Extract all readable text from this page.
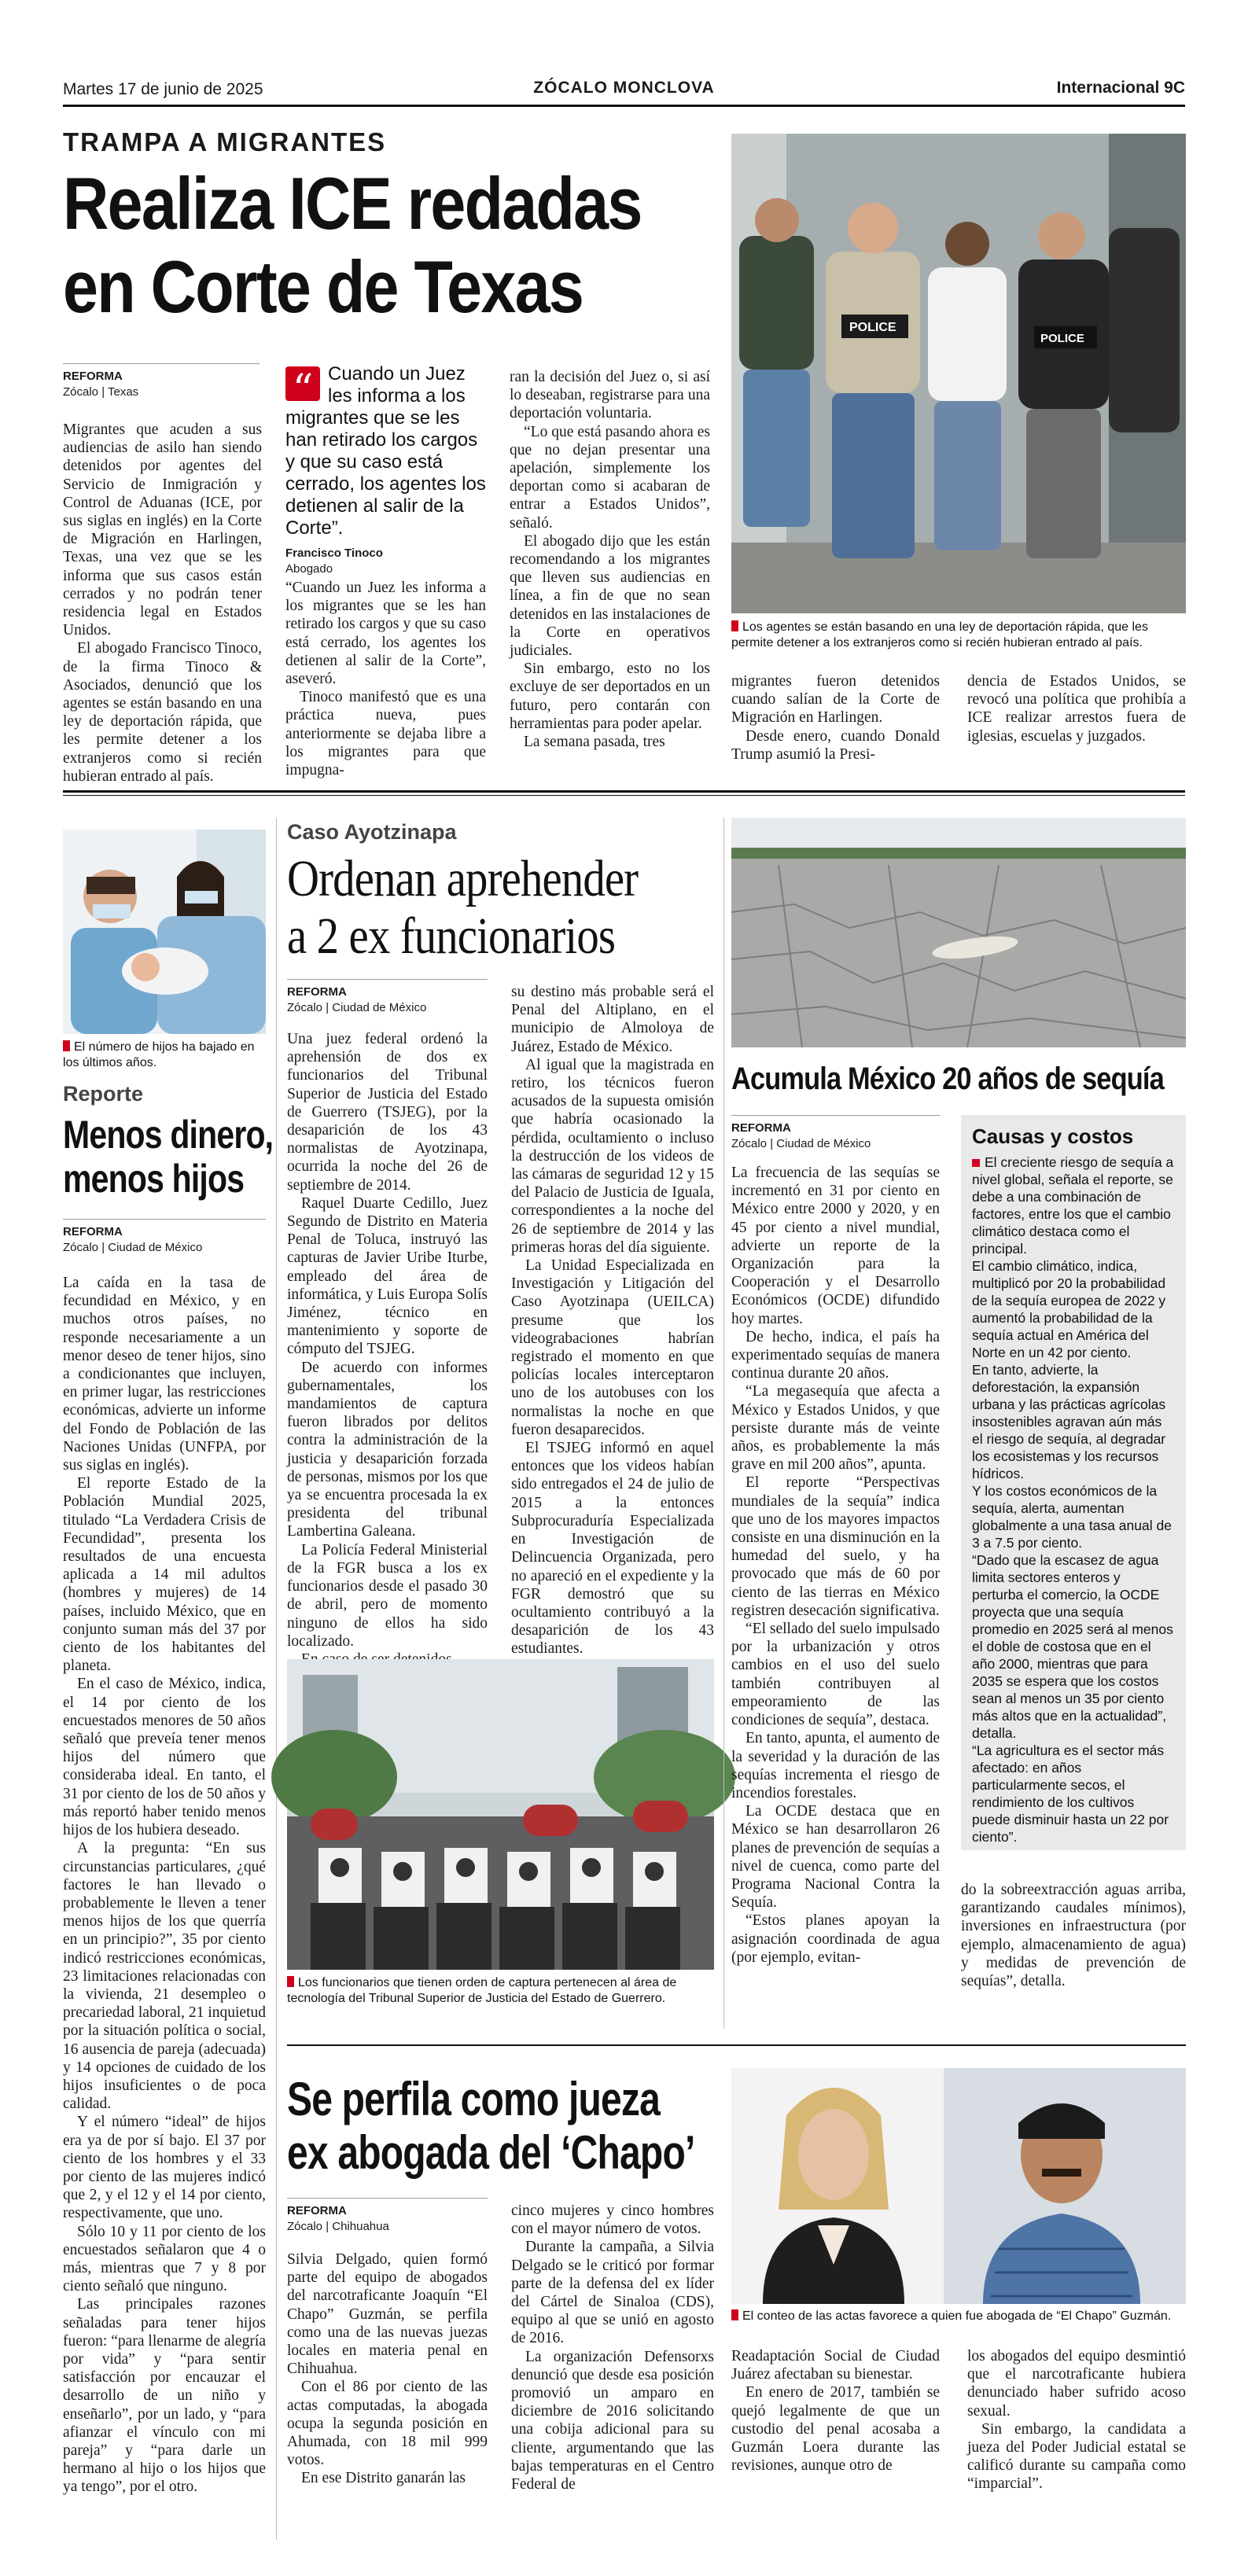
Martes 17 de junio de 2025	ZÓCALO MONCLOVA	Internacional 9C
TRAMPA A MIGRANTES
Realiza ICE redadas
en Corte de Texas
REFORMA
Zócalo | Texas

Migrantes que acuden a sus audiencias de asilo han siendo detenidos por agentes del Servicio de Inmigración y Control de Aduanas (ICE, por sus siglas en inglés) en la Corte de Migración en Harlingen, Texas, una vez que se les informa que sus casos están cerrados y no podrán tener residencia legal en Estados Unidos.

El abogado Francisco Tinoco, de la firma Tinoco & Asociados, denunció que los agentes se están basando en una ley de deportación rápida, que les permite detener a los extranjeros como si recién hubieran entrado al país.

“ Cuando un Juez les informa a los migrantes que se les han retirado los cargos y que su caso está cerrado, los agentes los detienen al salir de la Corte”.
Francisco Tinoco
Abogado

“Cuando un Juez les informa a los migrantes que se les han retirado los cargos y que su caso está cerrado, los agentes los detienen al salir de la Corte”, aseveró.

Tinoco manifestó que es una práctica nueva, pues anteriormente se dejaba libre a los migrantes para que impugna-

ran la decisión del Juez o, si así lo deseaban, registrarse para una deportación voluntaria.

“Lo que está pasando ahora es que no dejan presentar una apelación, simplemente los deportan como si acabaran de entrar a Estados Unidos”, señaló.

El abogado dijo que les están recomendando a los migrantes que lleven sus audiencias en línea, a fin de que no sean detenidos en las instalaciones de la Corte en operativos judiciales.

Sin embargo, esto no los excluye de ser deportados en un futuro, pero contarán con herramientas para poder apelar.

La semana pasada, tres

POLICE
POLICE
Los agentes se están basando en una ley de deportación rápida, que les permite detener a los extranjeros como si recién hubieran entrado al país.

migrantes fueron detenidos cuando salían de la Corte de Migración en Harlingen.

Desde enero, cuando Donald Trump asumió la Presi-

dencia de Estados Unidos, se revocó una política que prohibía a ICE realizar arrestos fuera de iglesias, escuelas y juzgados.

El número de hijos ha bajado en los últimos años.
Reporte
Menos dinero,
menos hijos
REFORMA
Zócalo | Ciudad de México

La caída en la tasa de fecundidad en México, y en muchos otros países, no responde necesariamente a un menor deseo de tener hijos, sino a condicionantes que incluyen, en primer lugar, las restricciones económicas, advierte un informe del Fondo de Población de las Naciones Unidas (UNFPA, por sus siglas en inglés).

El reporte Estado de la Población Mundial 2025, titulado “La Verdadera Crisis de Fecundidad”, presenta los resultados de una encuesta aplicada a 14 mil adultos (hombres y mujeres) de 14 países, incluido México, que en conjunto suman más del 37 por ciento de los habitantes del planeta.

En el caso de México, indica, el 14 por ciento de los encuestados menores de 50 años señaló que preveía tener menos hijos del número que consideraba ideal. En tanto, el 31 por ciento de los de 50 años y más reportó haber tenido menos hijos de los hubiera deseado.

A la pregunta: “En sus circunstancias particulares, ¿qué factores le han llevado o probablemente le lleven a tener menos hijos de los que querría en un principio?”, 35 por ciento indicó restricciones económicas, 23 limitaciones relacionadas con la vivienda, 21 desempleo o precariedad laboral, 21 inquietud por la situación política o social, 16 ausencia de pareja (adecuada) y 14 opciones de cuidado de los hijos insuficientes o de poca calidad.

Y el número “ideal” de hijos era ya de por sí bajo. El 37 por ciento de los hombres y el 33 por ciento de las mujeres indicó que 2, y el 12 y el 14 por ciento, respectivamente, que uno.

Sólo 10 y 11 por ciento de los encuestados señalaron que 4 o más, mientras que 7 y 8 por ciento señaló que ninguno.

Las principales razones señaladas para tener hijos fueron: “para llenarme de alegría por vida” y “para sentir satisfacción por encauzar el desarrollo de un niño y enseñarlo”, por un lado, y “para afianzar el vínculo con mi pareja” y “para darle un hermano al hijo o los hijos que ya tengo”, por el otro.

Caso Ayotzinapa
Ordenan aprehender
a 2 ex funcionarios
REFORMA
Zócalo | Ciudad de México

Una juez federal ordenó la aprehensión de dos ex funcionarios del Tribunal Superior de Justicia del Estado de Guerrero (TSJEG), por la desaparición de los 43 normalistas de Ayotzinapa, ocurrida la noche del 26 de septiembre de 2014.

Raquel Duarte Cedillo, Juez Segundo de Distrito en Materia Penal de Toluca, instruyó las capturas de Javier Uribe Iturbe, empleado del área de informática, y Luis Europa Solís Jiménez, técnico en mantenimiento y soporte de cómputo del TSJEG.

De acuerdo con informes gubernamentales, los mandamientos de captura fueron librados por delitos contra la administración de la justicia y desaparición forzada de personas, mismos por los que ya se encuentra procesada la ex presidenta del tribunal Lambertina Galeana.

La Policía Federal Ministerial de la FGR busca a los ex funcionarios desde el pasado 30 de abril, pero de momento ninguno de ellos ha sido localizado.

su destino más probable será el Penal del Altiplano, en el municipio de Almoloya de Juárez, Estado de México.

Al igual que la magistrada en retiro, los técnicos fueron acusados de la supuesta omisión que habría ocasionado la pérdida, ocultamiento o incluso la destrucción de los videos de las cámaras de seguridad 12 y 15 del Palacio de Justicia de Iguala, correspondientes a la noche del 26 de septiembre de 2014 y las primeras horas del día siguiente.

La Unidad Especializada en Investigación y Litigación del Caso Ayotzinapa (UEILCA) presume que los videograbaciones habrían registrado el momento en que policías locales interceptaron uno de los autobuses con los normalistas la noche en que fueron desaparecidos.

El TSJEG informó en aquel entonces que los videos habían sido entregados el 24 de julio de 2015 a la entonces Subprocuraduría Especializada en Investigación de Delincuencia Organizada, pero no apareció en el expediente y la FGR demostró que su ocultamiento contribuyó a la desaparición de los 43 estudiantes.

Los funcionarios que tienen orden de captura pertenecen al área de tecnología del Tribunal Superior de Justicia del Estado de Guerrero.
Acumula México 20 años de sequía
REFORMA
Zócalo | Ciudad de México

La frecuencia de las sequías se incrementó en 31 por ciento en México entre 2000 y 2020, y en 45 por ciento a nivel mundial, advierte un reporte de la Organización para la Cooperación y el Desarrollo Económicos (OCDE) difundido hoy martes.

De hecho, indica, el país ha experimentado sequías de manera continua durante 20 años.

“La megasequía que afecta a México y Estados Unidos, y que persiste durante más de veinte años, es probablemente la más grave en mil 200 años”, apunta.

El reporte “Perspectivas mundiales de la sequía” indica que uno de los mayores impactos consiste en una disminución en la humedad del suelo, y ha provocado que más de 60 por ciento de las tierras en México registren desecación significativa.

“El sellado del suelo impulsado por la urbanización y otros cambios en el uso del suelo también contribuyen al empeoramiento de las condiciones de sequía”, destaca.

En tanto, apunta, el aumento de la severidad y la duración de las sequías incrementa el riesgo de incendios forestales.

La OCDE destaca que en México se han desarrollaron 26 planes de prevención de sequías a nivel de cuenca, como parte del Programa Nacional Contra la Sequía.

“Estos planes apoyan la asignación coordinada de agua (por ejemplo, evitan-

Causas y costos

El creciente riesgo de sequía a nivel global, señala el reporte, se debe a una combinación de factores, entre los que el cambio climático destaca como el principal.

El cambio climático, indica, multiplicó por 20 la probabilidad de la sequía europea de 2022 y aumentó la probabilidad de la sequía actual en América del Norte en un 42 por ciento.

En tanto, advierte, la deforestación, la expansión urbana y las prácticas agrícolas insostenibles agravan aún más el riesgo de sequía, al degradar los ecosistemas y los recursos hídricos.

Y los costos económicos de la sequía, alerta, aumentan globalmente a una tasa anual de 3 a 7.5 por ciento.

“Dado que la escasez de agua limita sectores enteros y perturba el comercio, la OCDE proyecta que una sequía promedio en 2025 será al menos el doble de costosa que en el año 2000, mientras que para 2035 se espera que los costos sean al menos un 35 por ciento más altos que en la actualidad”, detalla.

“La agricultura es el sector más afectado: en años particularmente secos, el rendimiento de los cultivos puede disminuir hasta un 22 por ciento”.

do la sobreextracción aguas arriba, garantizando caudales mínimos), inversiones en infraestructura (por ejemplo, almacenamiento de agua) y medidas de prevención de sequías”, detalla.

Se perfila como jueza
ex abogada del ‘Chapo’
REFORMA
Zócalo | Chihuahua

Silvia Delgado, quien formó parte del equipo de abogados del narcotraficante Joaquín “El Chapo” Guzmán, se perfila como una de las nuevas juezas locales en materia penal en Chihuahua.

Con el 86 por ciento de las actas computadas, la abogada ocupa la segunda posición en Ahumada, con 18 mil 999 votos.

En ese Distrito ganarán las

cinco mujeres y cinco hombres con el mayor número de votos.

Durante la campaña, a Silvia Delgado se le criticó por formar parte de la defensa del ex líder del Cártel de Sinaloa (CDS), equipo al que se unió en agosto de 2016.

La organización Defensorxs denunció que desde esa posición promovió un amparo en diciembre de 2016 solicitando una cobija adicional para su cliente, argumentando que las bajas temperaturas en el Centro Federal de

El conteo de las actas favorece a quien fue abogada de “El Chapo” Guzmán.

Readaptación Social de Ciudad Juárez afectaban su bienestar.

En enero de 2017, también se quejó legalmente de que un custodio del penal acosaba a Guzmán Loera durante las revisiones, aunque otro de

los abogados del equipo desmintió que el narcotraficante hubiera denunciado haber sufrido acoso sexual.

Sin embargo, la candidata a jueza del Poder Judicial estatal se calificó durante su campaña como “imparcial”.
